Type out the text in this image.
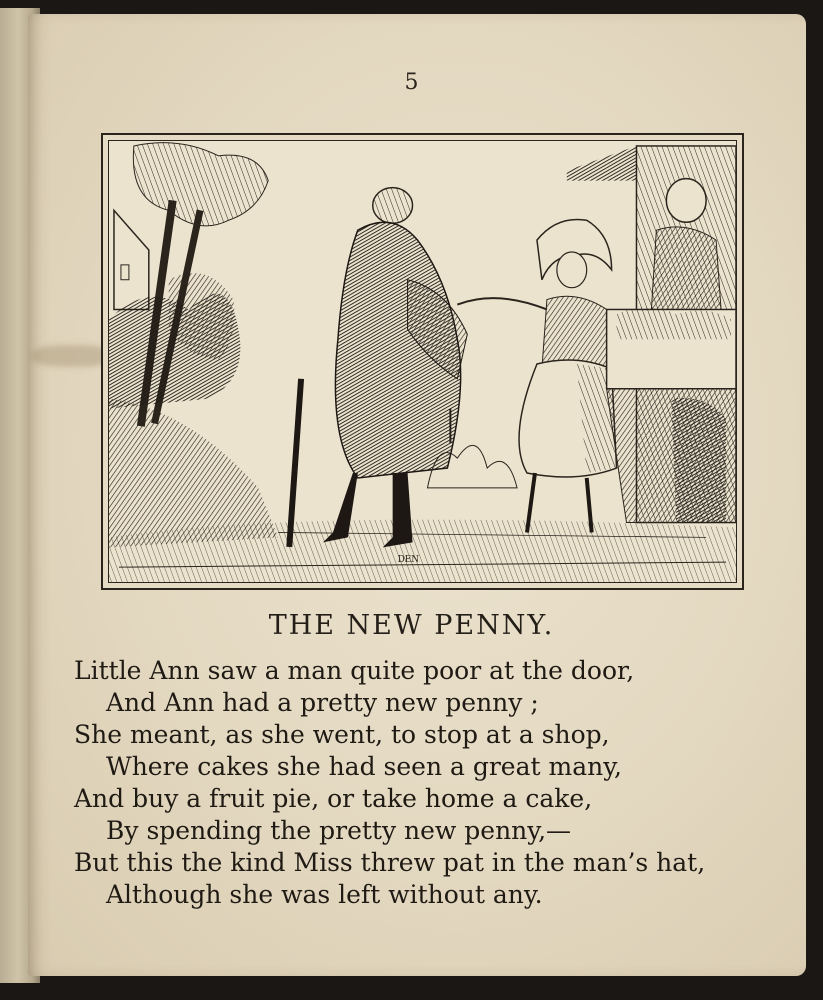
5
DEN
THE NEW PENNY.
Little Ann saw a man quite poor at the door,
And Ann had a pretty new penny ;
She meant, as she went, to stop at a shop,
Where cakes she had seen a great many,
And buy a fruit pie, or take home a cake,
By spending the pretty new penny,—
But this the kind Miss threw pat in the man’s hat,
Although she was left without any.
